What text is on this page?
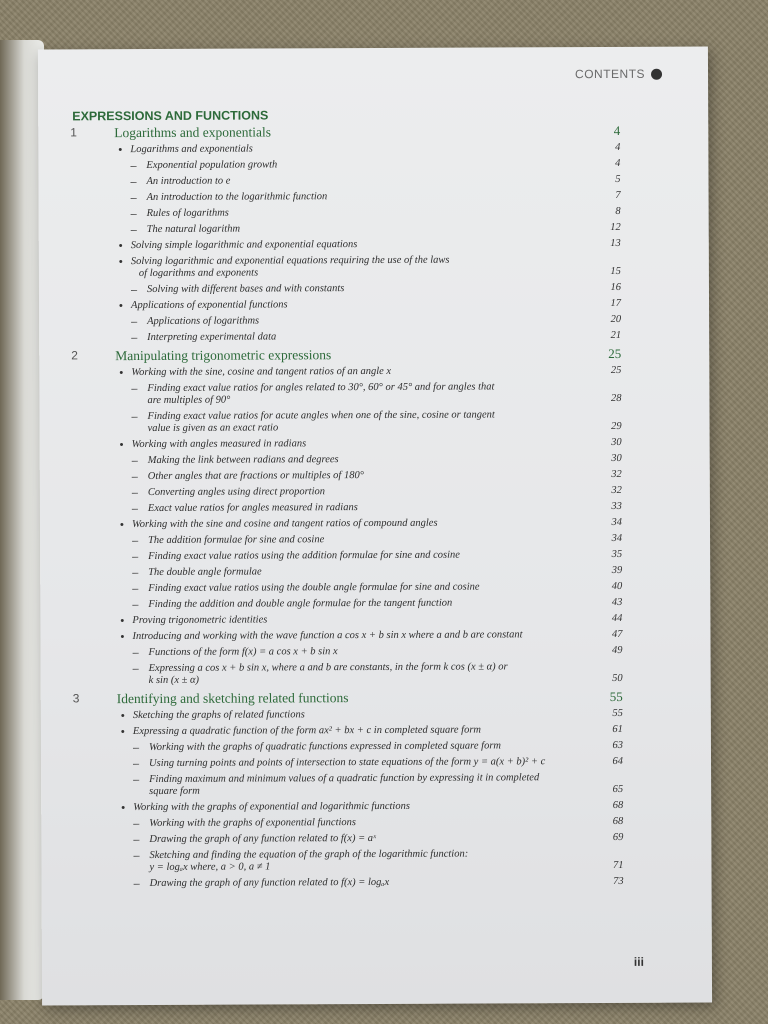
CONTENTS
EXPRESSIONS AND FUNCTIONS
1	Logarithms and exponentials	4
• Logarithms and exponentials	4
– Exponential population growth	4
– An introduction to e	5
– An introduction to the logarithmic function	7
– Rules of logarithms	8
– The natural logarithm	12
• Solving simple logarithmic and exponential equations	13
• Solving logarithmic and exponential equations requiring the use of the laws
of logarithms and exponents	15
– Solving with different bases and with constants	16
• Applications of exponential functions	17
– Applications of logarithms	20
– Interpreting experimental data	21
2	Manipulating trigonometric expressions	25
• Working with the sine, cosine and tangent ratios of an angle x	25
– Finding exact value ratios for angles related to 30°, 60° or 45° and for angles that
are multiples of 90°	28
– Finding exact value ratios for acute angles when one of the sine, cosine or tangent
value is given as an exact ratio	29
• Working with angles measured in radians	30
– Making the link between radians and degrees	30
– Other angles that are fractions or multiples of 180°	32
– Converting angles using direct proportion	32
– Exact value ratios for angles measured in radians	33
• Working with the sine and cosine and tangent ratios of compound angles	34
– The addition formulae for sine and cosine	34
– Finding exact value ratios using the addition formulae for sine and cosine	35
– The double angle formulae	39
– Finding exact value ratios using the double angle formulae for sine and cosine	40
– Finding the addition and double angle formulae for the tangent function	43
• Proving trigonometric identities	44
• Introducing and working with the wave function a cos x + b sin x where a and b are constant	47
– Functions of the form f(x) = a cos x + b sin x	49
– Expressing a cos x + b sin x, where a and b are constants, in the form k cos (x ± α) or
k sin (x ± α)	50
3	Identifying and sketching related functions	55
• Sketching the graphs of related functions	55
• Expressing a quadratic function of the form ax² + bx + c in completed square form	61
– Working with the graphs of quadratic functions expressed in completed square form	63
– Using turning points and points of intersection to state equations of the form y = a(x + b)² + c	64
– Finding maximum and minimum values of a quadratic function by expressing it in completed
square form	65
• Working with the graphs of exponential and logarithmic functions	68
– Working with the graphs of exponential functions	68
– Drawing the graph of any function related to f(x) = aˣ	69
– Sketching and finding the equation of the graph of the logarithmic function:
y = logₐx where, a > 0, a ≠ 1	71
– Drawing the graph of any function related to f(x) = logₐx	73
iii
